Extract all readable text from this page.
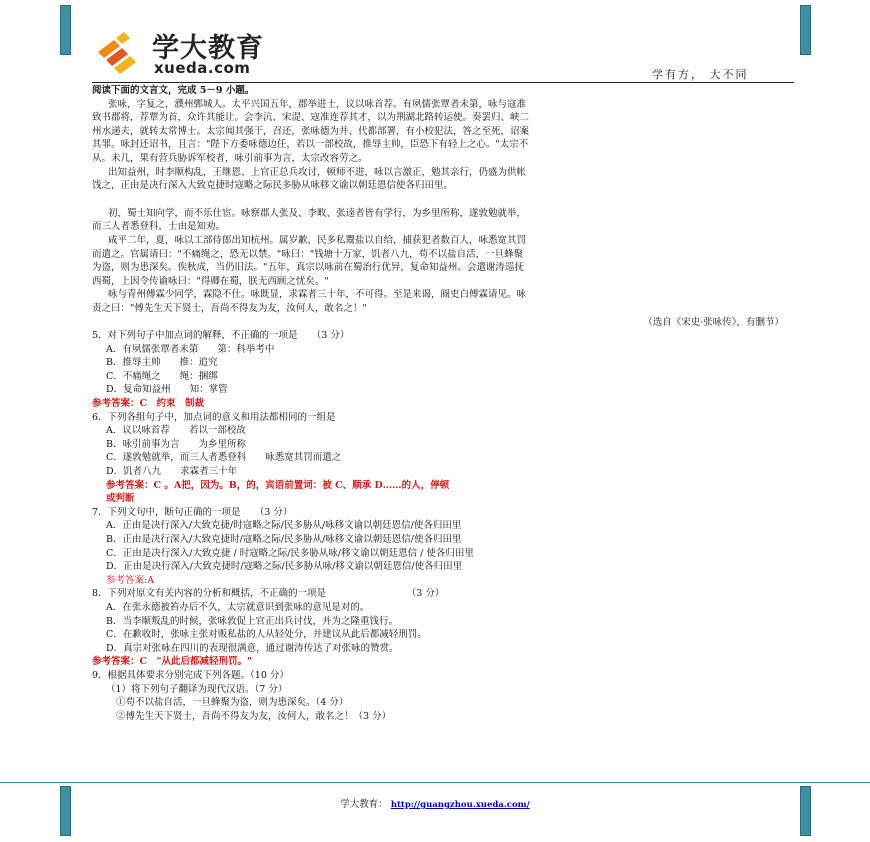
学大教育
xueda.com	学有方， 大不同

阅读下面的文言文，完成 5－9 小题。

张咏，字复之，濮州鄄城人。太平兴国五年，郡举进士，议以咏首荐。有夙儒张覃者未第，咏与寇准

致书郡将，荐覃为首，众许其能让。会李沆、宋湜、寇准连荐其才，以为荆湖北路转运使。奏罢归、峡二

州水递夫，就转太常博士。太宗闻其强干，召还，张咏德为并、代都部署，有小校犯法，答之至死，诏案

其罪。咏封还诏书，且言："陛下方委咏德边任，若以一部校故，推辱主帅，臣恐下有轻上之心。"太宗不

从。未几，果有营兵胁诉军校者，咏引前事为言，太宗改容劳之。

出知益州，时李顺构乱，王继恩、上官正总兵攻讨，顿师不进，咏以言激正，勉其亲行，仍盛为供帐

饯之，正由是决行深入大致克捷时寇略之际民多胁从咏移文谕以朝廷恩信使各归田里。

初，蜀士知向学，而不乐仕宦。咏察郡人张及、李畋、张逵者皆有学行，为乡里所称，遂敦勉就举，

而三人者悉登科，士由是知劝。

咸平二年，夏，咏以工部侍郎出知杭州。属岁歉，民多私鬻盐以自给，捕获犯者数百人，咏悉宽其罚

而遣之。官属请曰："不痛绳之，恐无以禁。"咏曰："钱塘十万家，饥者八九，苟不以盐自活，一旦蜂聚

为盗，则为患深矣。俟秋成，当仍旧法。"五年，真宗以咏前在蜀治行优异，复命知益州。会遣谢涛巡抚

西蜀，上因令传谕咏曰："得卿在蜀，朕无西顾之忧矣。"

咏与青州傅霖少同学，霖隐不仕。咏既显，求霖者三十年，不可得。至是来谒，阍吏白傅霖请见。咏

责之曰："傅先生天下贤士，吾尚不得友为友，汝何人，敢名之！"

（选自《宋史·张咏传》，有删节）

5．对下列句子中加点词的解释，不正确的一项是　　（3 分）

A．有夙儒张覃者未第　　第：科举考中

B．推辱主帅　　推：追究

C．不痛绳之　　绳：捆绑

D．复命知益州　　知：掌管

参考答案：C　约束　制裁

6．下列各组句子中，加点词的意义和用法都相同的一组是

A．议以咏首荐　　若以一部校故

B．咏引前事为言　　为乡里所称

C．遂敦勉就举，而三人者悉登科　　咏悉宽其罚而遣之

D．饥者八九　　求霖者三十年

参考答案：C 。A把，因为。B，的，宾语前置词：被 C、顺承 D……的人，停顿

或判断

7．下列文句中，断句正确的一项是　　（3 分）

A．正由是决行深入/大致克捷/时寇略之际/民多胁从/咏移文谕以朝廷恩信/使各归田里

B．正由是决行深入/大致克捷时/寇略之际/民多胁从/咏移文谕以朝廷恩信/使各归田里

C．正由是决行深入/大致克捷 / 时寇略之际/民多胁从咏/移文谕以朝廷恩信 / 使各归田里

D．正由是决行深入/大致克捷时/寇略之际/民多胁从咏/移文谕以朝廷恩信/使各归田里

参考答案:A

8．下列对原文有关内容的分析和概括，不正确的一项是　　　　　　　　　（3 分）

A．在张永德被笞办后不久，太宗就意识到张咏的意见是对的。

B．当李顺叛乱的时候，张咏敦促上官正出兵讨伐，并为之隆重饯行。

C．在歉收时，张咏主张对贩私盐的人从轻处分，并建议从此后都减轻刑罚。

D．真宗对张咏在四川的表现很满意，通过谢涛传达了对张咏的赞赏。

参考答案：C　"从此后都减轻刑罚。"

9．根据具体要求分别完成下列各题。（10 分）

（1）将下列句子翻译为现代汉语。（7 分）

①苟不以盐自活，一旦蜂聚为盗，则为患深矣。（4 分）

②傅先生天下贤士，吾尚不得友为友，汝何人，敢名之！（3 分）

学大教育： http://guangzhou.xueda.com/
